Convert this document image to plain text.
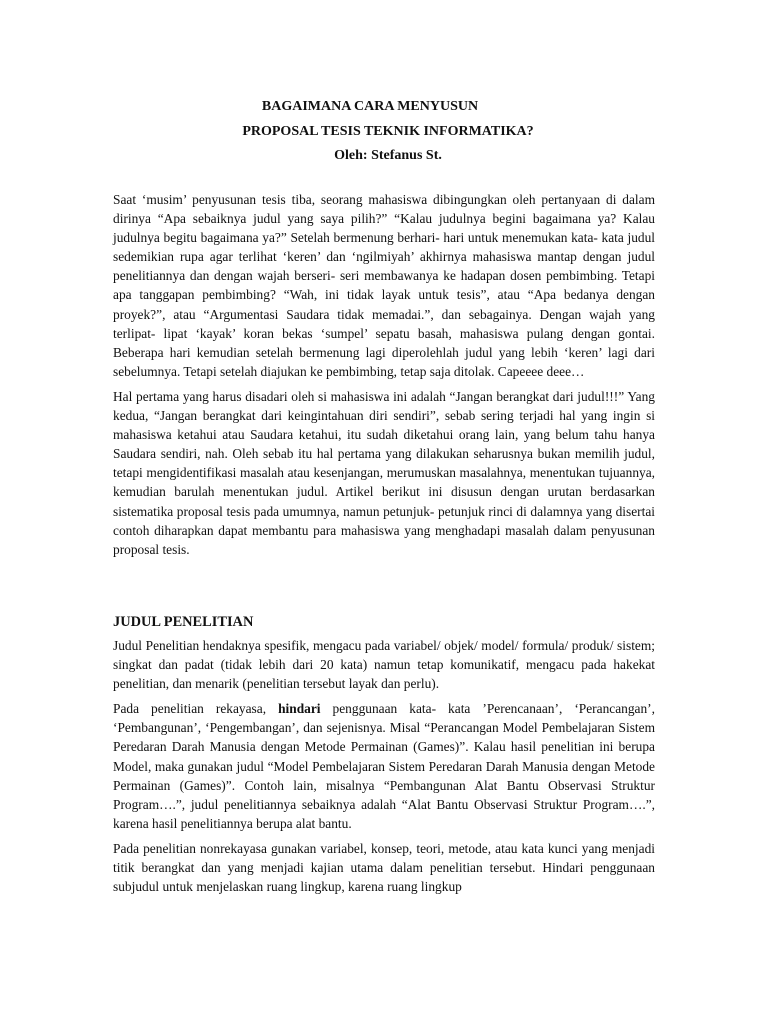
BAGAIMANA CARA MENYUSUN
PROPOSAL TESIS TEKNIK INFORMATIKA?
Oleh: Stefanus St.

Saat ‘musim’ penyusunan tesis tiba, seorang mahasiswa dibingungkan oleh pertanyaan di dalam dirinya “Apa sebaiknya judul yang saya pilih?” “Kalau judulnya begini bagaimana ya? Kalau judulnya begitu bagaimana ya?” Setelah bermenung berhari- hari untuk menemukan kata- kata judul sedemikian rupa agar terlihat ‘keren’ dan ‘ngilmiyah’ akhirnya mahasiswa mantap dengan judul penelitiannya dan dengan wajah berseri- seri membawanya ke hadapan dosen pembimbing. Tetapi apa tanggapan pembimbing? “Wah, ini tidak layak untuk tesis”, atau “Apa bedanya dengan proyek?”, atau “Argumentasi Saudara tidak memadai.”, dan sebagainya. Dengan wajah yang terlipat- lipat ‘kayak’ koran bekas ‘sumpel’ sepatu basah, mahasiswa pulang dengan gontai. Beberapa hari kemudian setelah bermenung lagi diperolehlah judul yang lebih ‘keren’ lagi dari sebelumnya. Tetapi setelah diajukan ke pembimbing, tetap saja ditolak. Capeeee deee…

Hal pertama yang harus disadari oleh si mahasiswa ini adalah “Jangan berangkat dari judul!!!” Yang kedua, “Jangan berangkat dari keingintahuan diri sendiri”, sebab sering terjadi hal yang ingin si mahasiswa ketahui atau Saudara ketahui, itu sudah diketahui orang lain, yang belum tahu hanya Saudara sendiri, nah. Oleh sebab itu hal pertama yang dilakukan seharusnya bukan memilih judul, tetapi mengidentifikasi masalah atau kesenjangan, merumuskan masalahnya, menentukan tujuannya, kemudian barulah menentukan judul. Artikel berikut ini disusun dengan urutan berdasarkan sistematika proposal tesis pada umumnya, namun petunjuk- petunjuk rinci di dalamnya yang disertai contoh diharapkan dapat membantu para mahasiswa yang menghadapi masalah dalam penyusunan proposal tesis.

JUDUL PENELITIAN

Judul Penelitian hendaknya spesifik, mengacu pada variabel/ objek/ model/ formula/ produk/ sistem; singkat dan padat (tidak lebih dari 20 kata) namun tetap komunikatif, mengacu pada hakekat penelitian, dan menarik (penelitian tersebut layak dan perlu).

Pada penelitian rekayasa, hindari penggunaan kata- kata ’Perencanaan’, ‘Perancangan’, ‘Pembangunan’, ‘Pengembangan’, dan sejenisnya. Misal “Perancangan Model Pembelajaran Sistem Peredaran Darah Manusia dengan Metode Permainan (Games)”. Kalau hasil penelitian ini berupa Model, maka gunakan judul “Model Pembelajaran Sistem Peredaran Darah Manusia dengan Metode Permainan (Games)”. Contoh lain, misalnya “Pembangunan Alat Bantu Observasi Struktur Program….”, judul penelitiannya sebaiknya adalah “Alat Bantu Observasi Struktur Program….”, karena hasil penelitiannya berupa alat bantu.

Pada penelitian nonrekayasa gunakan variabel, konsep, teori, metode, atau kata kunci yang menjadi titik berangkat dan yang menjadi kajian utama dalam penelitian tersebut. Hindari penggunaan subjudul untuk menjelaskan ruang lingkup, karena ruang lingkup
